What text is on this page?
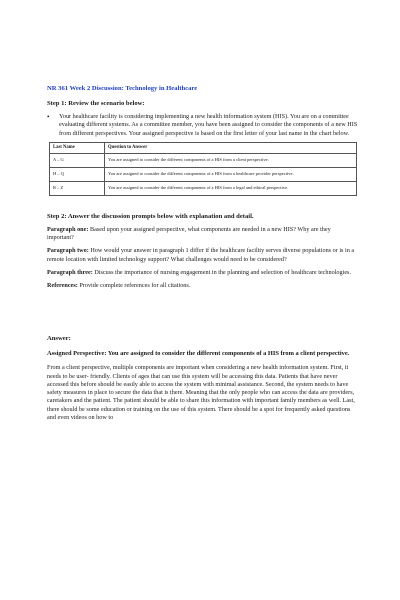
NR 361 Week 2 Discussion: Technology in Healthcare
Step 1: Review the scenario below:
•	Your healthcare facility is considering implementing a new health information system (HIS). You are on a committee evaluating different systems. As a committee member, you have been assigned to consider the components of a new HIS from different perspectives. Your assigned perspective is based on the first letter of your last name in the chart below.
Last Name	Question to Answer
A – G	You are assigned to consider the different components of a HIS from a client perspective.
H – Q	You are assigned to consider the different components of a HIS from a healthcare provider perspective.
R – Z	You are assigned to consider the different components of a HIS from a legal and ethical perspective.
Step 2: Answer the discussion prompts below with explanation and detail.

Paragraph one: Based upon your assigned perspective, what components are needed in a new HIS? Why are they important?

Paragraph two: How would your answer in paragraph 1 differ if the healthcare facility serves diverse populations or is in a remote location with limited technology support? What challenges would need to be considered?

Paragraph three: Discuss the importance of nursing engagement in the planning and selection of healthcare technologies.

References: Provide complete references for all citations.

Answer:
Assigned Perspective: You are assigned to consider the different components of a HIS from a client perspective.

From a client perspective, multiple components are important when considering a new health information system. First, it needs to be user- friendly. Clients of ages that can use this system will be accessing this data. Patients that have never accessed this before should be easily able to access the system with minimal assistance. Second, the system needs to have safety measures in place to secure the data that is there. Meaning that the only people who can access the data are providers, caretakers and the patient. The patient should be able to share this information with important family members as well. Last, there should be some education or training on the use of this system. There should be a spot for frequently asked questions and even videos on how to
